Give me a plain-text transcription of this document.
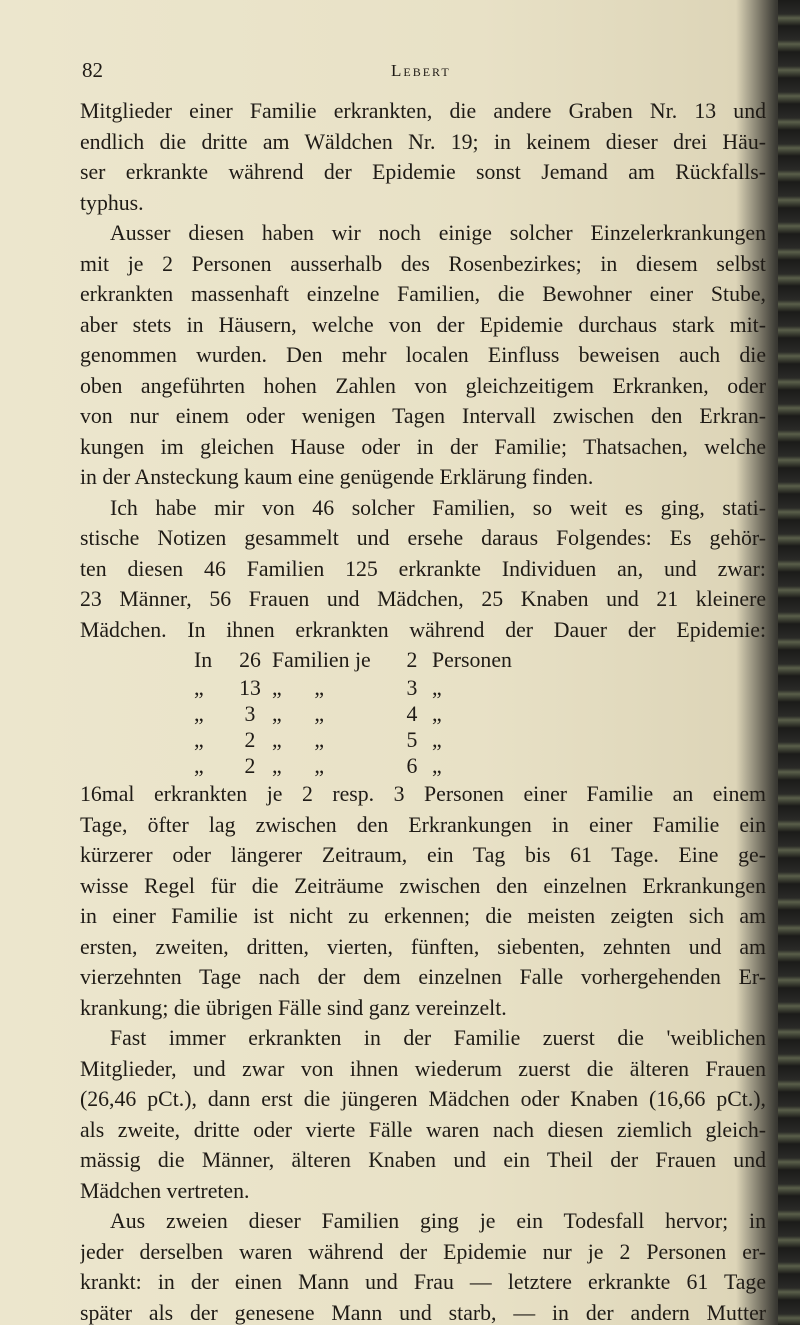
82	Lebert
Mitglieder einer Familie erkrankten, die andere Graben Nr. 13 und
endlich die dritte am Wäldchen Nr. 19; in keinem dieser drei Häu-
ser erkrankte während der Epidemie sonst Jemand am Rückfalls-
typhus.
Ausser diesen haben wir noch einige solcher Einzelerkrankungen
mit je 2 Personen ausserhalb des Rosenbezirkes; in diesem selbst
erkrankten massenhaft einzelne Familien, die Bewohner einer Stube,
aber stets in Häusern, welche von der Epidemie durchaus stark mit-
genommen wurden. Den mehr localen Einfluss beweisen auch die
oben angeführten hohen Zahlen von gleichzeitigem Erkranken, oder
von nur einem oder wenigen Tagen Intervall zwischen den Erkran-
kungen im gleichen Hause oder in der Familie; Thatsachen, welche
in der Ansteckung kaum eine genügende Erklärung finden.
Ich habe mir von 46 solcher Familien, so weit es ging, stati-
stische Notizen gesammelt und ersehe daraus Folgendes: Es gehör-
ten diesen 46 Familien 125 erkrankte Individuen an, und zwar:
23 Männer, 56 Frauen und Mädchen, 25 Knaben und 21 kleinere
Mädchen. In ihnen erkrankten während der Dauer der Epidemie:
In 26 Familien je 2 Personen
„ 13 „      „	3 „
„ 3 „      „	4 „
„ 2 „      „	5 „
„ 2 „      „	6 „
16mal erkrankten je 2 resp. 3 Personen einer Familie an einem
Tage, öfter lag zwischen den Erkrankungen in einer Familie ein
kürzerer oder längerer Zeitraum, ein Tag bis 61 Tage. Eine ge-
wisse Regel für die Zeiträume zwischen den einzelnen Erkrankungen
in einer Familie ist nicht zu erkennen; die meisten zeigten sich am
ersten, zweiten, dritten, vierten, fünften, siebenten, zehnten und am
vierzehnten Tage nach der dem einzelnen Falle vorhergehenden Er-
krankung; die übrigen Fälle sind ganz vereinzelt.
Fast immer erkrankten in der Familie zuerst die 'weiblichen
Mitglieder, und zwar von ihnen wiederum zuerst die älteren Frauen
(26,46 pCt.), dann erst die jüngeren Mädchen oder Knaben (16,66 pCt.),
als zweite, dritte oder vierte Fälle waren nach diesen ziemlich gleich-
mässig die Männer, älteren Knaben und ein Theil der Frauen und
Mädchen vertreten.
Aus zweien dieser Familien ging je ein Todesfall hervor; in
jeder derselben waren während der Epidemie nur je 2 Personen er-
krankt: in der einen Mann und Frau — letztere erkrankte 61 Tage
später als der genesene Mann und starb, — in der andern Mutter
